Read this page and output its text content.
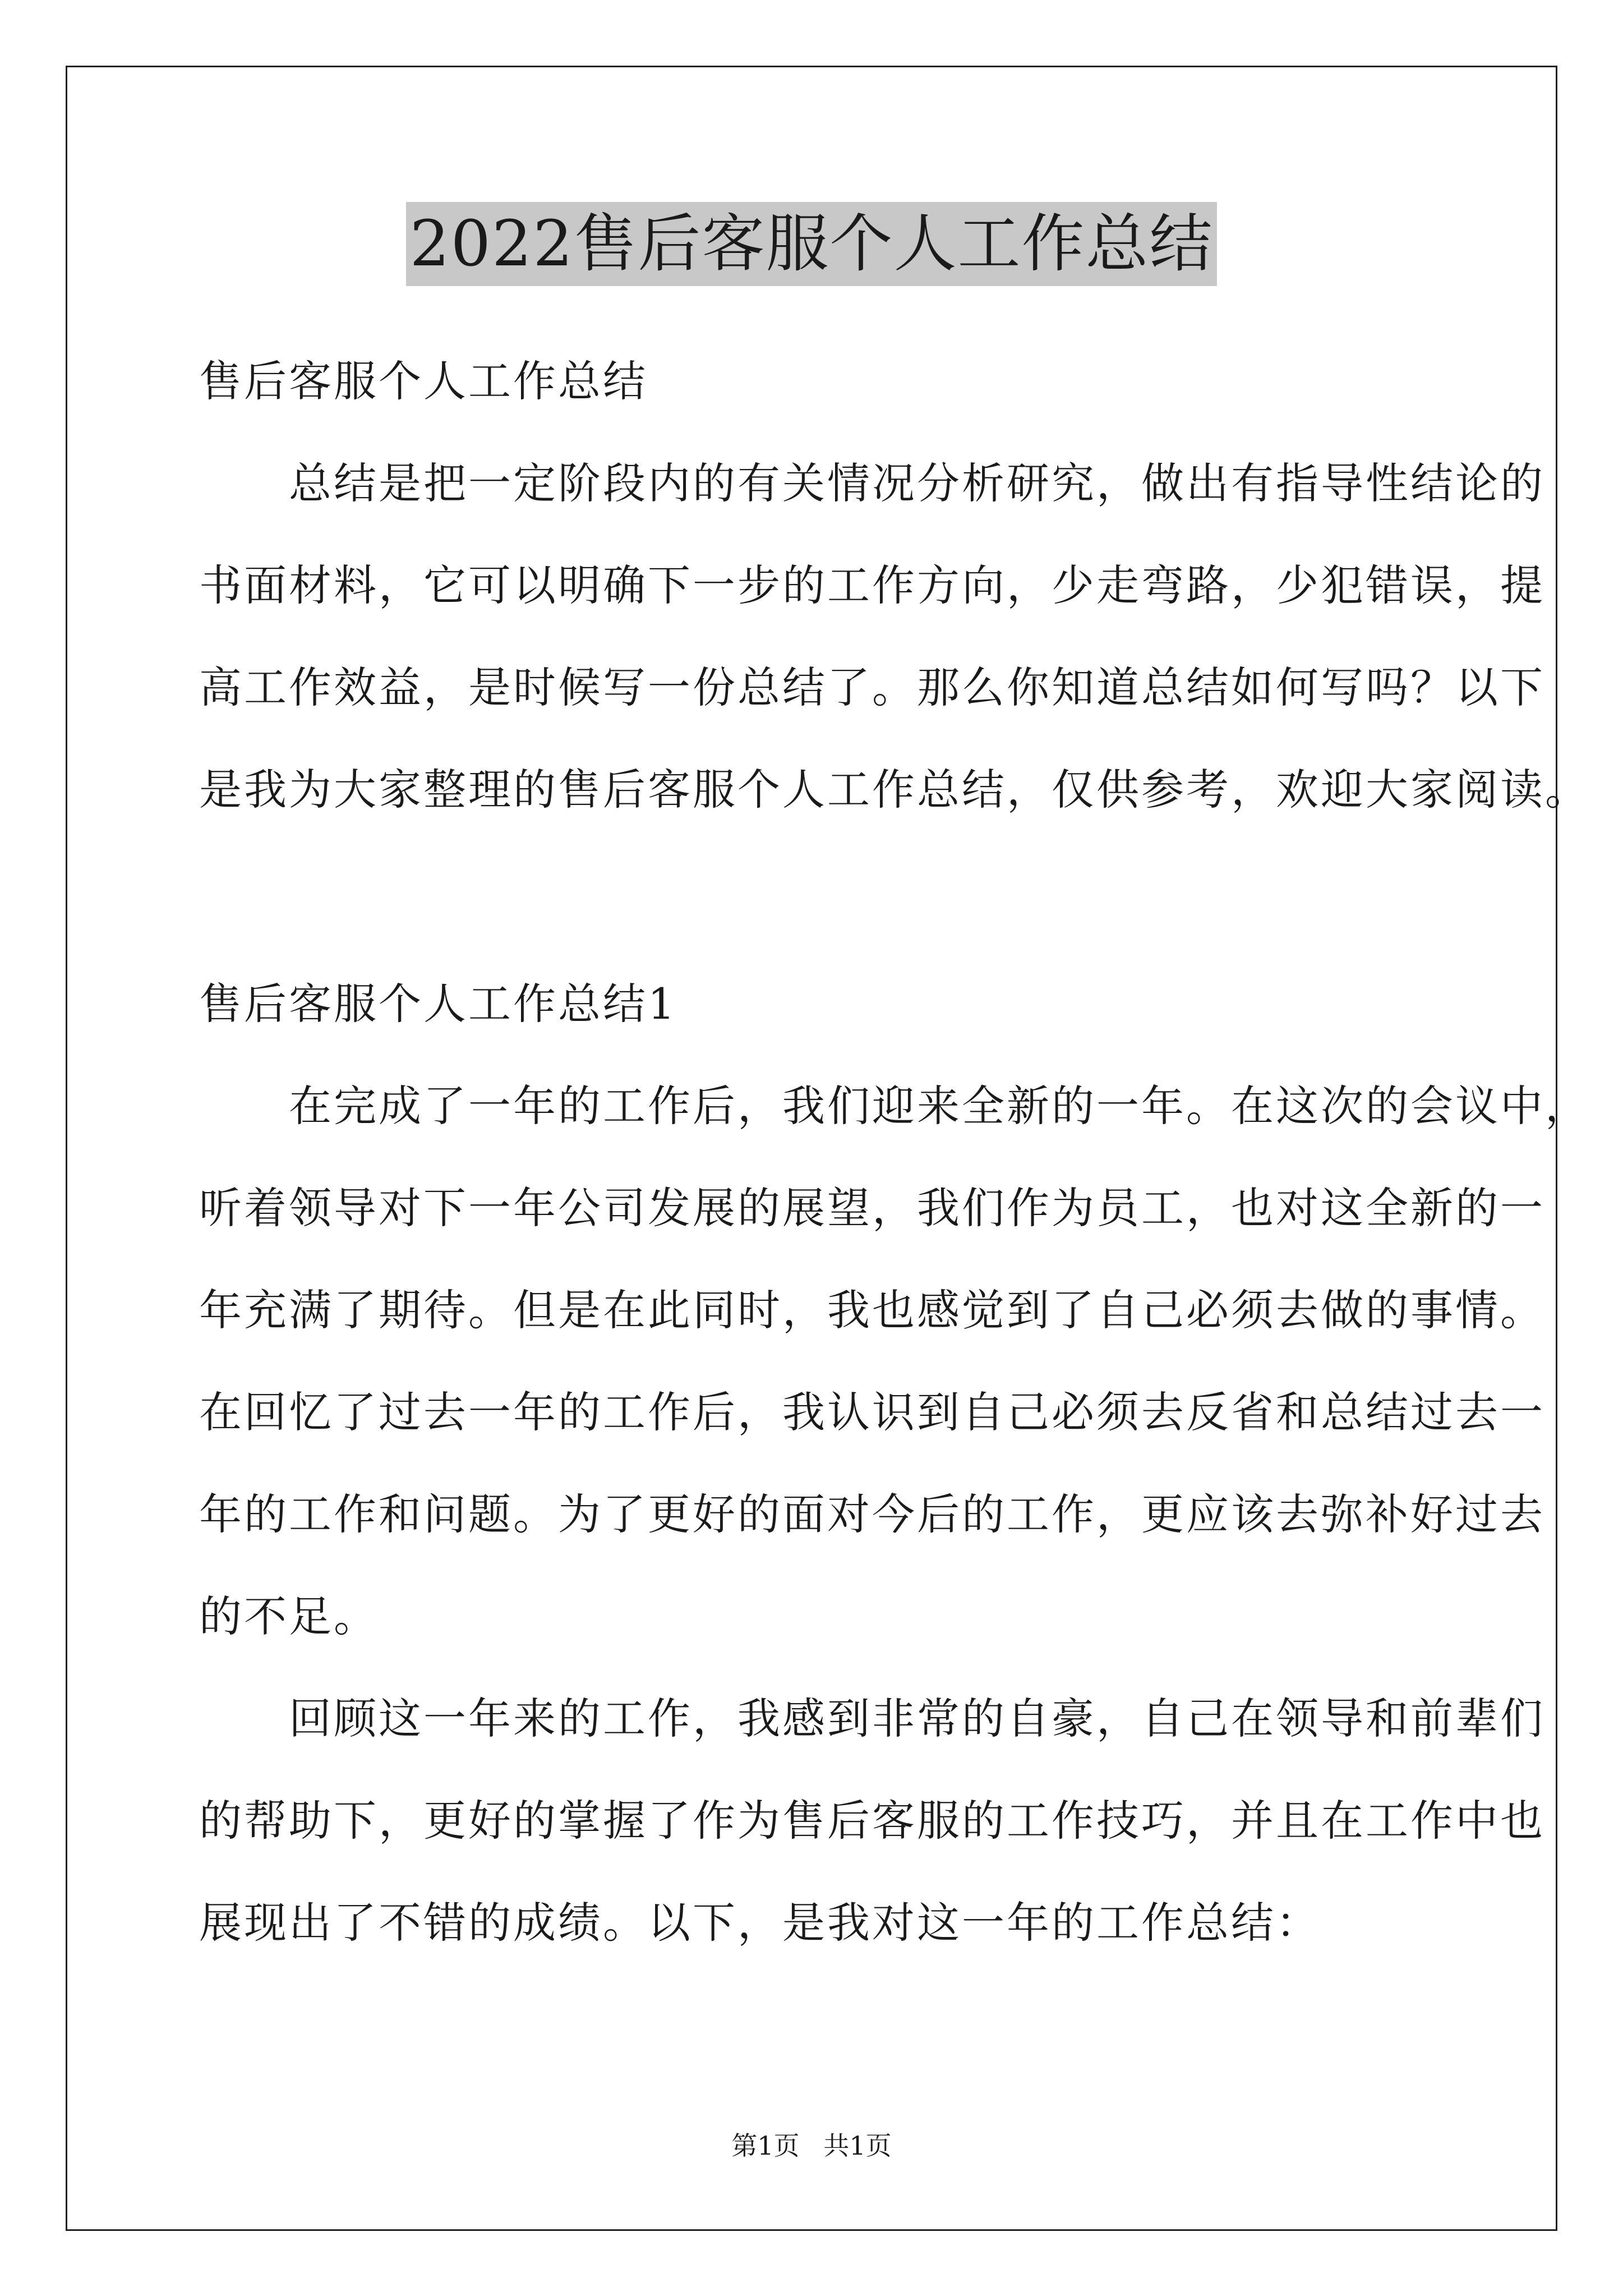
2022售后客服个人工作总结
售后客服个人工作总结
　　总结是把一定阶段内的有关情况分析研究，做出有指导性结论的
书面材料，它可以明确下一步的工作方向，少走弯路，少犯错误，提
高工作效益，是时候写一份总结了。那么你知道总结如何写吗？以下
是我为大家整理的售后客服个人工作总结，仅供参考，欢迎大家阅读。
售后客服个人工作总结1
　　在完成了一年的工作后，我们迎来全新的一年。在这次的会议中，
听着领导对下一年公司发展的展望，我们作为员工，也对这全新的一
年充满了期待。但是在此同时，我也感觉到了自己必须去做的事情。
在回忆了过去一年的工作后，我认识到自己必须去反省和总结过去一
年的工作和问题。为了更好的面对今后的工作，更应该去弥补好过去
的不足。
　　回顾这一年来的工作，我感到非常的自豪，自己在领导和前辈们
的帮助下，更好的掌握了作为售后客服的工作技巧，并且在工作中也
展现出了不错的成绩。以下，是我对这一年的工作总结：
第1页 共1页
